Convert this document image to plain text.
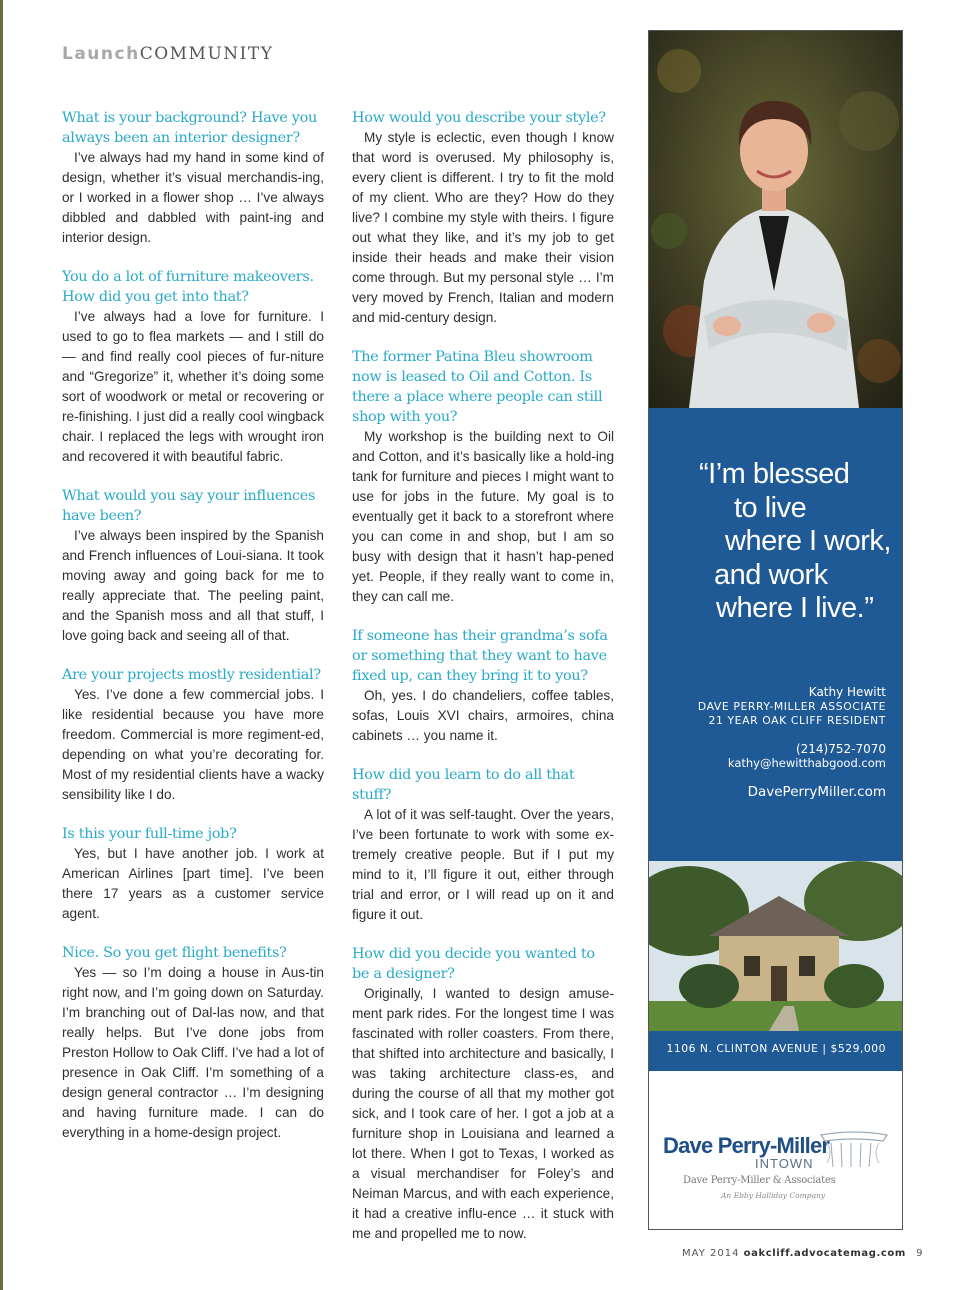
LaunchCOMMUNITY
What is your background? Have you always been an interior designer?
I’ve always had my hand in some kind of design, whether it’s visual merchandis-ing, or I worked in a flower shop … I’ve always dibbled and dabbled with paint-ing and interior design.
You do a lot of furniture makeovers. How did you get into that?
I’ve always had a love for furniture. I used to go to flea markets — and I still do — and find really cool pieces of fur-niture and “Gregorize” it, whether it’s doing some sort of woodwork or metal or recovering or re-finishing. I just did a really cool wingback chair. I replaced the legs with wrought iron and recovered it with beautiful fabric.
What would you say your influences have been?
I’ve always been inspired by the Spanish and French influences of Loui-siana. It took moving away and going back for me to really appreciate that. The peeling paint, and the Spanish moss and all that stuff, I love going back and seeing all of that.
Are your projects mostly residential?
Yes. I’ve done a few commercial jobs. I like residential because you have more freedom. Commercial is more regiment-ed, depending on what you’re decorating for. Most of my residential clients have a wacky sensibility like I do.
Is this your full-time job?
Yes, but I have another job. I work at American Airlines [part time]. I’ve been there 17 years as a customer service agent.
Nice. So you get flight benefits?
Yes — so I’m doing a house in Aus-tin right now, and I’m going down on Saturday. I’m branching out of Dal-las now, and that really helps. But I’ve done jobs from Preston Hollow to Oak Cliff. I’ve had a lot of presence in Oak Cliff. I’m something of a design general contractor … I’m designing and having furniture made. I can do everything in a home-design project.
How would you describe your style?
My style is eclectic, even though I know that word is overused. My philosophy is, every client is different. I try to fit the mold of my client. Who are they? How do they live? I combine my style with theirs. I figure out what they like, and it’s my job to get inside their heads and make their vision come through. But my personal style … I’m very moved by French, Italian and modern and mid-century design.
The former Patina Bleu showroom now is leased to Oil and Cotton. Is there a place where people can still shop with you?
My workshop is the building next to Oil and Cotton, and it’s basically like a hold-ing tank for furniture and pieces I might want to use for jobs in the future. My goal is to eventually get it back to a storefront where you can come in and shop, but I am so busy with design that it hasn’t hap-pened yet. People, if they really want to come in, they can call me.
If someone has their grandma’s sofa or something that they want to have fixed up, can they bring it to you?
Oh, yes. I do chandeliers, coffee tables, sofas, Louis XVI chairs, armoires, china cabinets … you name it.
How did you learn to do all that stuff?
A lot of it was self-taught. Over the years, I’ve been fortunate to work with some ex-tremely creative people. But if I put my mind to it, I’ll figure it out, either through trial and error, or I will read up on it and figure it out.
How did you decide you wanted to be a designer?
Originally, I wanted to design amuse-ment park rides. For the longest time I was fascinated with roller coasters. From there, that shifted into architecture and basically, I was taking architecture class-es, and during the course of all that my mother got sick, and I took care of her. I got a job at a furniture shop in Louisiana and learned a lot there. When I got to Texas, I worked as a visual merchandiser for Foley’s and Neiman Marcus, and with each experience, it had a creative influ-ence … it stuck with me and propelled me to now.
“I’m blessed
to live
where I work,
and work
where I live.”
Kathy Hewitt
DAVE PERRY-MILLER ASSOCIATE
21 YEAR OAK CLIFF RESIDENT
(214)752-7070
kathy@hewitthabgood.com
DavePerryMiller.com
1106 N. CLINTON AVENUE | $529,000
Dave Perry-Miller
INTOWN
Dave Perry-Miller & Associates
An Ebby Halliday Company
MAY 2014 oakcliff.advocatemag.com 9
